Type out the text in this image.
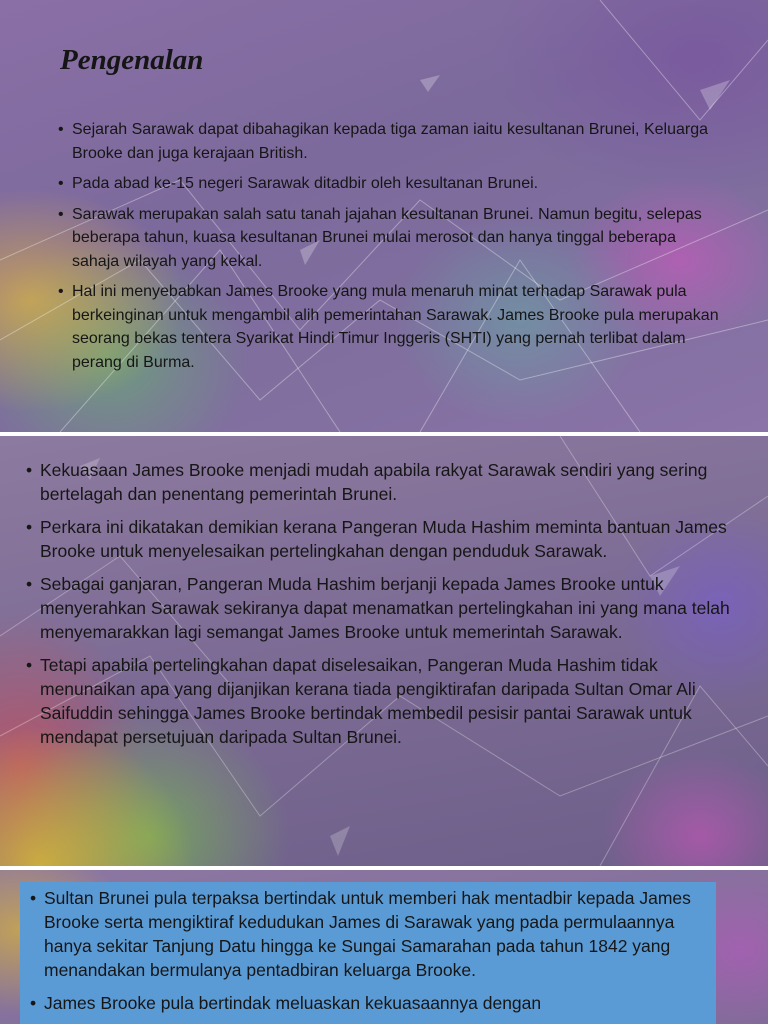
Pengenalan
• Sejarah Sarawak dapat dibahagikan kepada tiga zaman iaitu kesultanan Brunei, Keluarga Brooke dan juga kerajaan British.
• Pada abad ke-15 negeri Sarawak ditadbir oleh kesultanan Brunei.
• Sarawak merupakan salah satu tanah jajahan kesultanan Brunei. Namun begitu, selepas beberapa tahun, kuasa kesultanan Brunei mulai merosot dan hanya tinggal beberapa sahaja wilayah yang kekal.
• Hal ini menyebabkan James Brooke yang mula menaruh minat terhadap Sarawak pula berkeinginan untuk mengambil alih pemerintahan Sarawak. James Brooke pula merupakan seorang bekas tentera Syarikat Hindi Timur Inggeris (SHTI) yang pernah terlibat dalam perang di Burma.
• Kekuasaan James Brooke menjadi mudah apabila rakyat Sarawak sendiri yang sering bertelagah dan penentang pemerintah Brunei.
• Perkara ini dikatakan demikian kerana Pangeran Muda Hashim meminta bantuan James Brooke untuk menyelesaikan pertelingkahan dengan penduduk Sarawak.
• Sebagai ganjaran, Pangeran Muda Hashim berjanji kepada James Brooke untuk menyerahkan Sarawak sekiranya dapat menamatkan pertelingkahan ini yang mana telah menyemarakkan lagi semangat James Brooke untuk memerintah Sarawak.
• Tetapi apabila pertelingkahan dapat diselesaikan, Pangeran Muda Hashim tidak menunaikan apa yang dijanjikan kerana tiada pengiktirafan daripada Sultan Omar Ali Saifuddin sehingga James Brooke bertindak membedil pesisir pantai Sarawak untuk mendapat persetujuan daripada Sultan Brunei.
• Sultan Brunei pula terpaksa bertindak untuk memberi hak mentadbir kepada James Brooke serta mengiktiraf kedudukan James di Sarawak yang pada permulaannya hanya sekitar Tanjung Datu hingga ke Sungai Samarahan pada tahun 1842 yang menandakan bermulanya pentadbiran keluarga Brooke.
• James Brooke pula bertindak meluaskan kekuasaannya dengan
